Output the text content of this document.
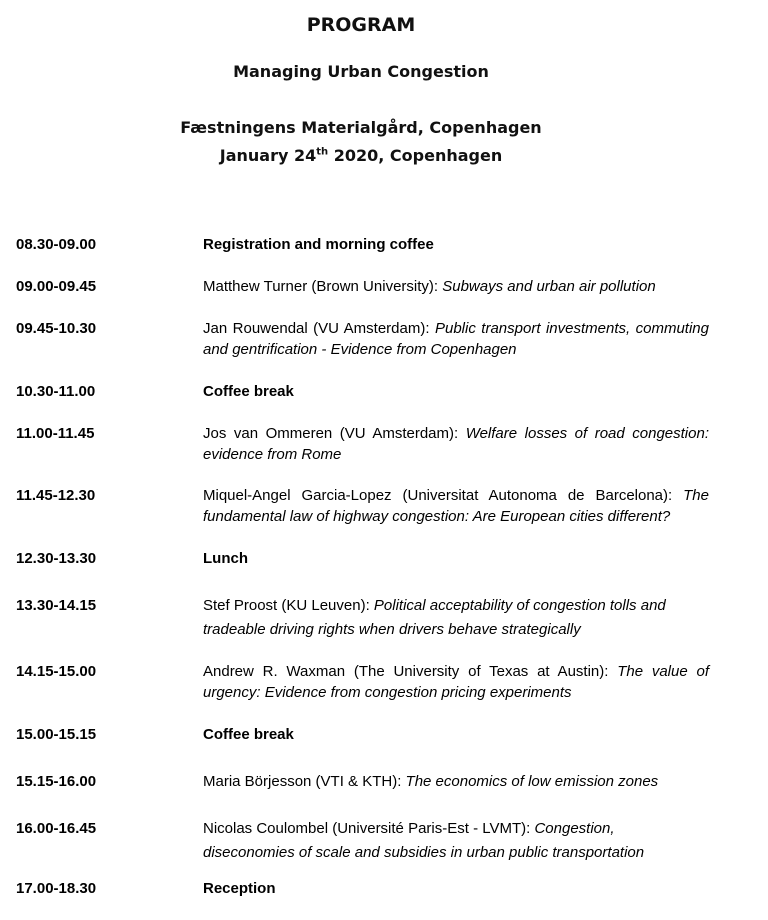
PROGRAM
Managing Urban Congestion
Fæstningens Materialgård, Copenhagen
January 24th 2020, Copenhagen
08.30-09.00	Registration and morning coffee
09.00-09.45	Matthew Turner (Brown University): Subways and urban air pollution
09.45-10.30	Jan Rouwendal (VU Amsterdam): Public transport investments, commuting and gentrification - Evidence from Copenhagen
10.30-11.00	Coffee break
11.00-11.45	Jos van Ommeren (VU Amsterdam): Welfare losses of road congestion: evidence from Rome
11.45-12.30	Miquel-Angel Garcia-Lopez (Universitat Autonoma de Barcelona): The fundamental law of highway congestion: Are European cities different?
12.30-13.30	Lunch
13.30-14.15	Stef Proost (KU Leuven): Political acceptability of congestion tolls and
tradeable driving rights when drivers behave strategically
14.15-15.00	Andrew R. Waxman (The University of Texas at Austin): The value of urgency: Evidence from congestion pricing experiments
15.00-15.15	Coffee break
15.15-16.00	Maria Börjesson (VTI & KTH): The economics of low emission zones
16.00-16.45	Nicolas Coulombel (Université Paris-Est - LVMT): Congestion,
diseconomies of scale and subsidies in urban public transportation
17.00-18.30	Reception
